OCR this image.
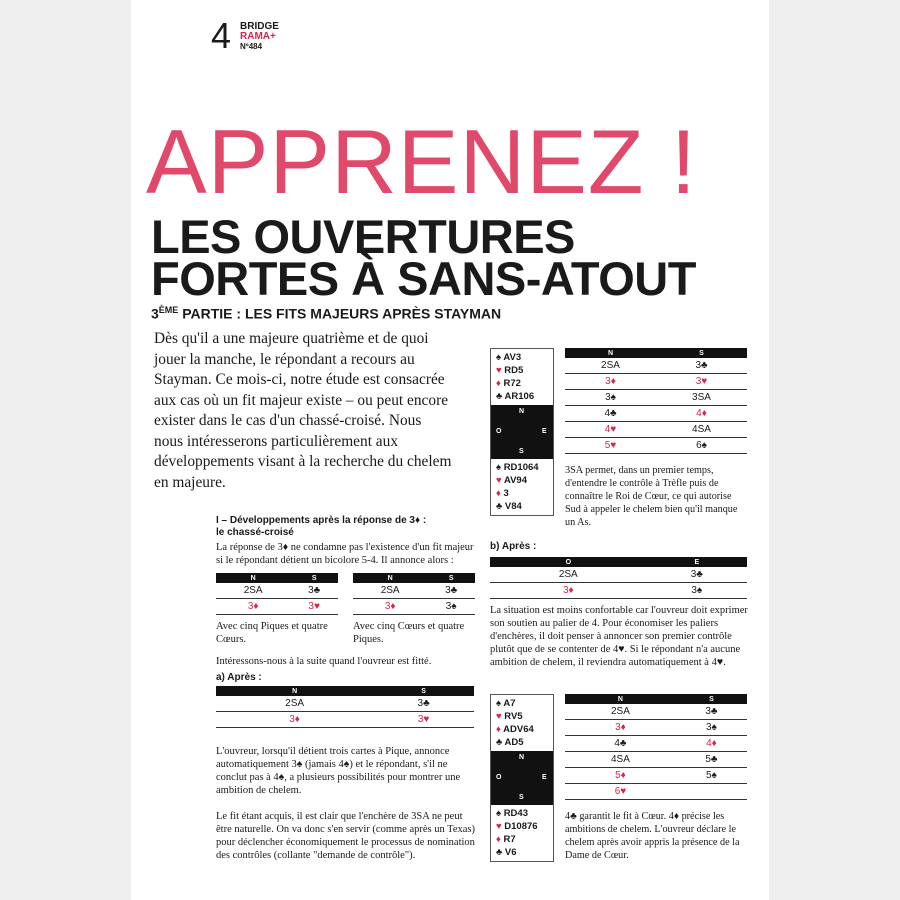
4 BRIDGE
RAMA+
Nº484
APPRENEZ !
LES OUVERTURES
FORTES À SANS-ATOUT
3ÈME PARTIE : LES FITS MAJEURS APRÈS STAYMAN
Dès qu'il a une majeure quatrième et de quoi jouer la manche, le répondant a recours au Stayman. Ce mois-ci, notre étude est consacrée aux cas où un fit majeur existe – ou peut encore exister dans le cas d'un chassé-croisé. Nous nous intéresserons particulièrement aux développements visant à la recherche du chelem en majeure.
I – Développements après la réponse de 3♦ :
le chassé-croisé
La réponse de 3♦ ne condamne pas l'existence d'un fit majeur si le répondant détient un bicolore 5-4. Il annonce alors :
N	S
2SA	3♣
3♦	3♥
N	S
2SA	3♣
3♦	3♠
Avec cinq Piques et quatre Cœurs.
Avec cinq Cœurs et quatre Piques.
Intéressons-nous à la suite quand l'ouvreur est fitté.
a) Après :
N	S
2SA	3♣
3♦	3♥
L'ouvreur, lorsqu'il détient trois cartes à Pique, annonce automatiquement 3♠ (jamais 4♠) et le répondant, s'il ne conclut pas à 4♠, a plusieurs possibilités pour montrer une ambition de chelem.
Le fit étant acquis, il est clair que l'enchère de 3SA ne peut être naturelle. On va donc s'en servir (comme après un Texas) pour déclencher économiquement le processus de nomination des contrôles (collante "demande de contrôle").
♠ AV3
♥ RD5
♦ R72
♣ AR106
N
O	E
S
♠ RD1064
♥ AV94
♦ 3
♣ V84
N	S
2SA	3♣
3♦	3♥
3♠	3SA
4♣	4♦
4♥	4SA
5♥	6♠
3SA permet, dans un premier temps, d'entendre le contrôle à Trèfle puis de connaître le Roi de Cœur, ce qui autorise Sud à appeler le chelem bien qu'il manque un As.
b) Après :
O	E
2SA	3♣
3♦	3♠
La situation est moins confortable car l'ouvreur doit exprimer son soutien au palier de 4. Pour économiser les paliers d'enchères, il doit penser à annoncer son premier contrôle plutôt que de se contenter de 4♥. Si le répondant n'a aucune ambition de chelem, il reviendra automatiquement à 4♥.
♠ A7
♥ RV5
♦ ADV64
♣ AD5
N
O	E
S
♠ RD43
♥ D10876
♦ R7
♣ V6
N	S
2SA	3♣
3♦	3♠
4♣	4♦
4SA	5♣
5♦	5♠
6♥	
4♣ garantit le fit à Cœur. 4♦ précise les ambitions de chelem. L'ouvreur déclare le chelem après avoir appris la présence de la Dame de Cœur.
